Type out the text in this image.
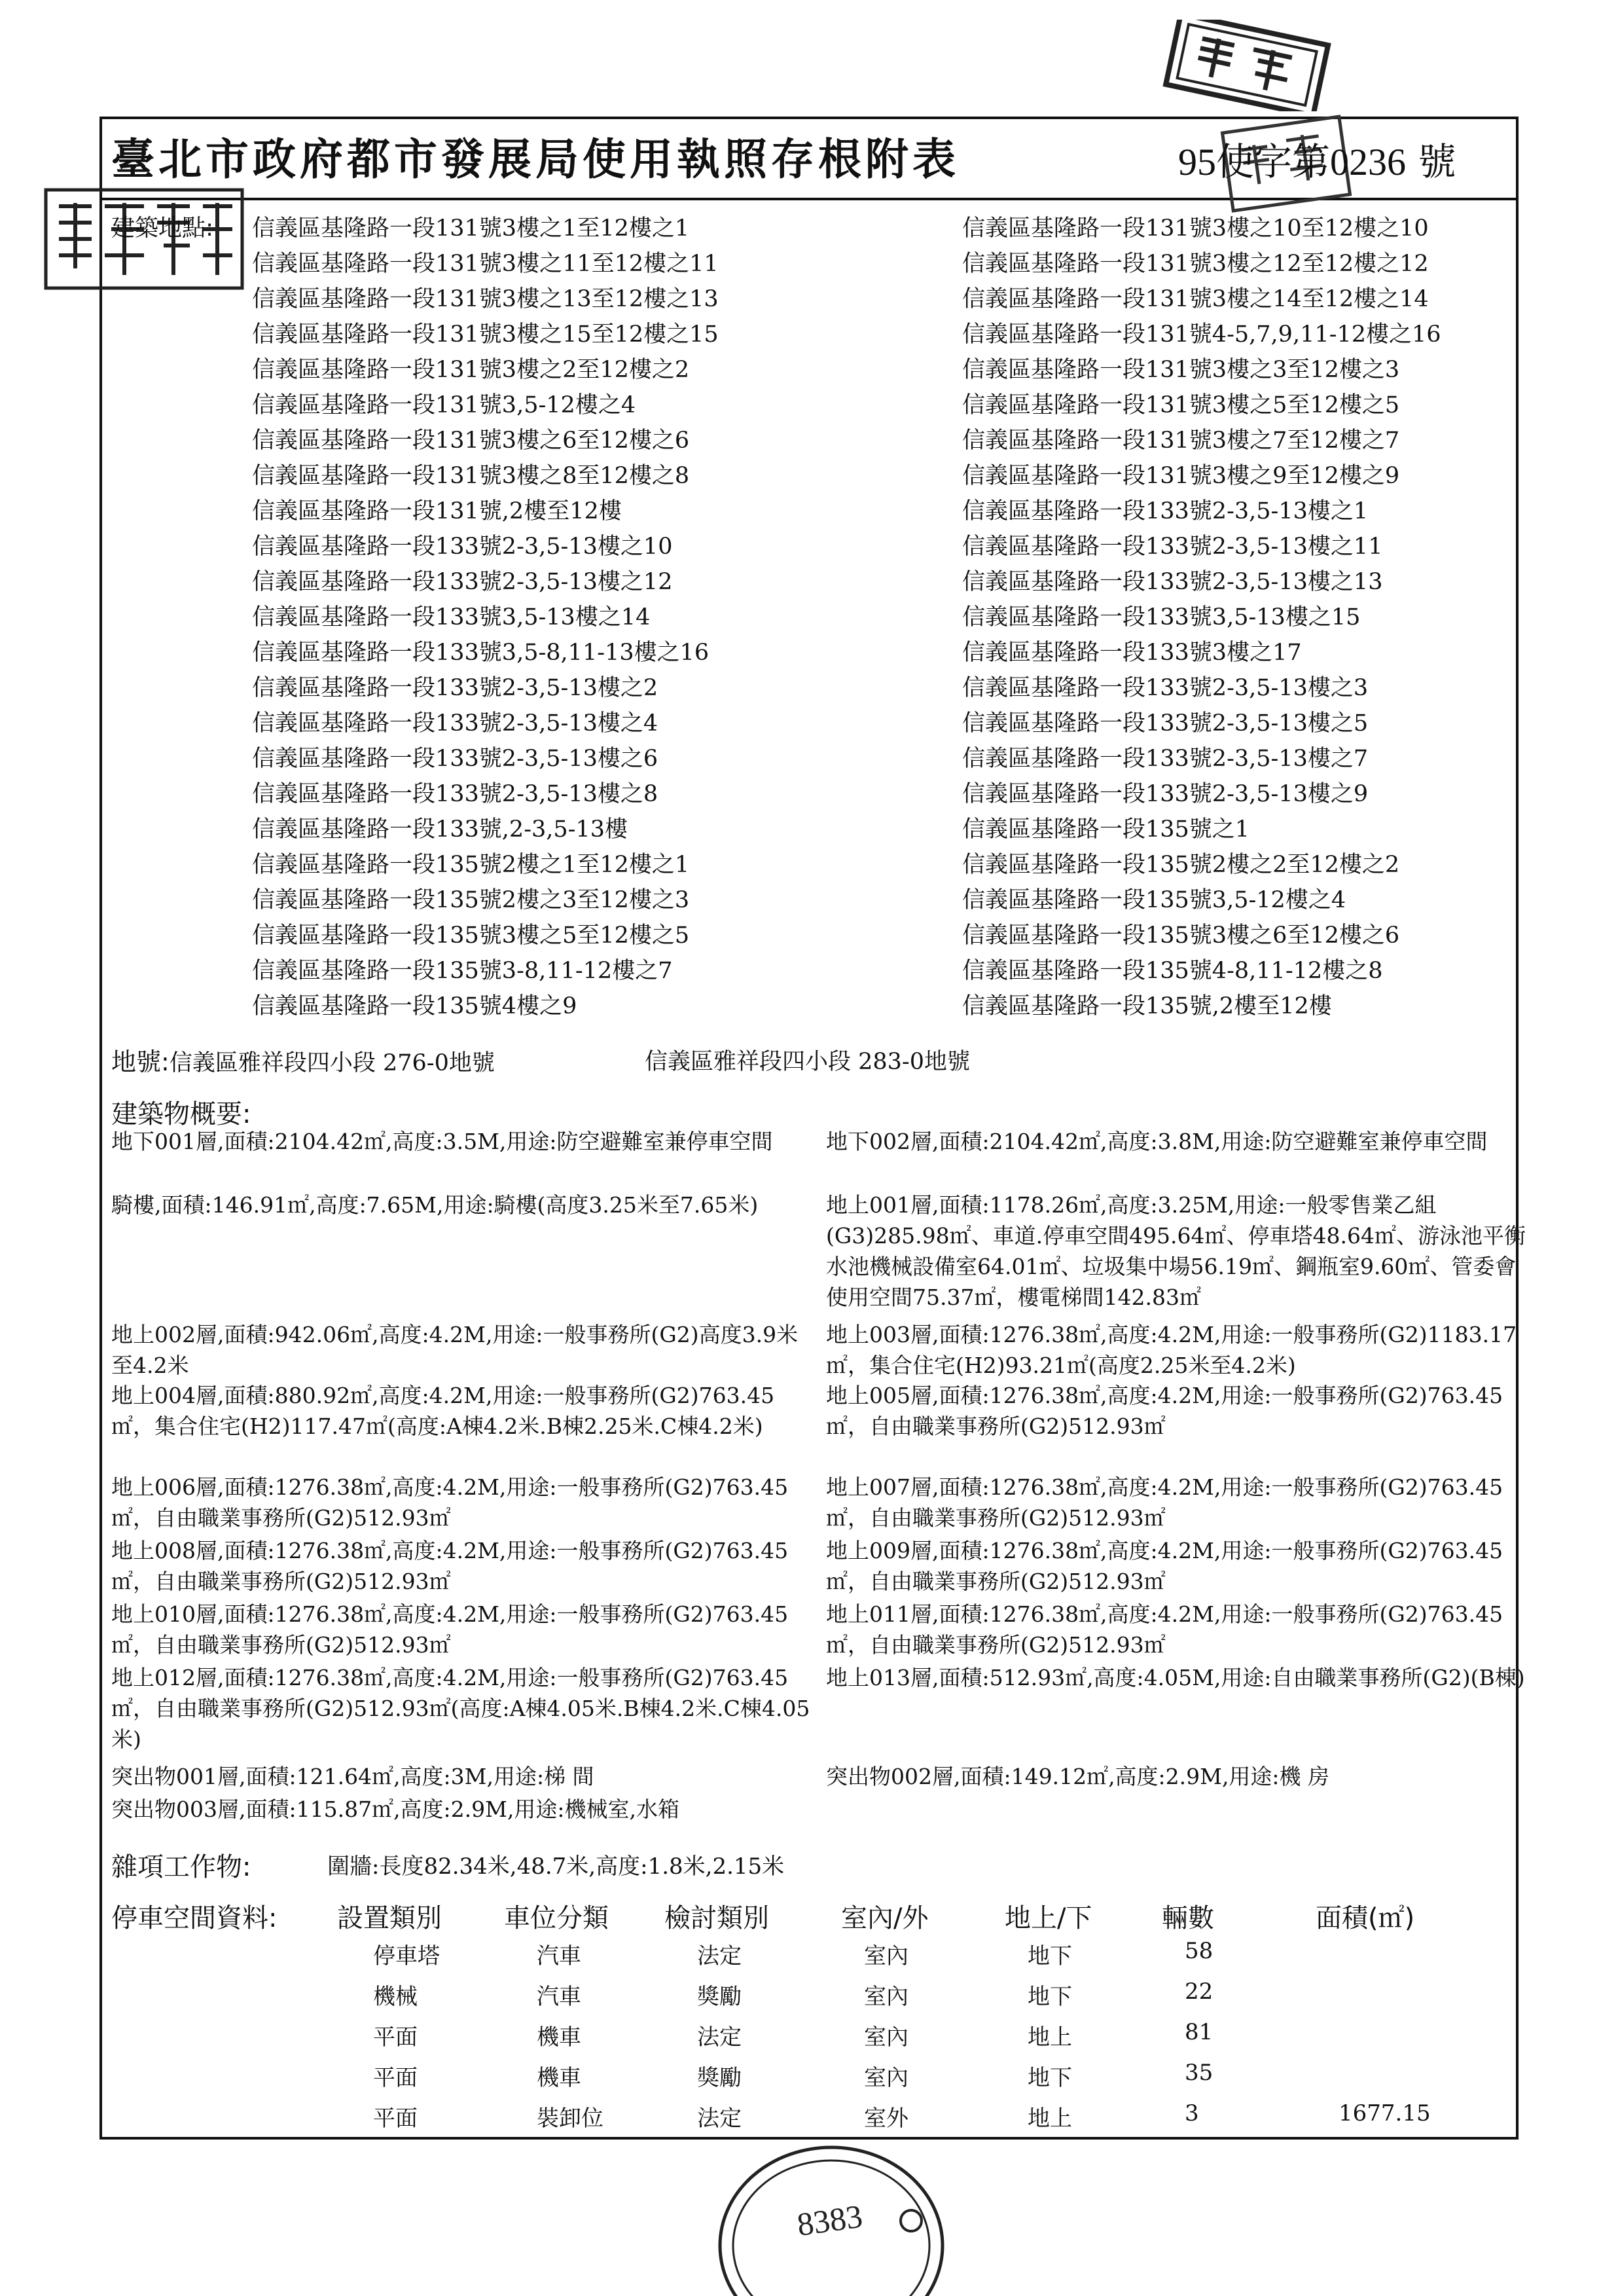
8383
臺北市政府都市發展局使用執照存根附表	95使字第0236 號
建築地點: 信義區基隆路一段131號3樓之1至12樓之1
信義區基隆路一段131號3樓之11至12樓之11
信義區基隆路一段131號3樓之13至12樓之13
信義區基隆路一段131號3樓之15至12樓之15
信義區基隆路一段131號3樓之2至12樓之2
信義區基隆路一段131號3,5-12樓之4
信義區基隆路一段131號3樓之6至12樓之6
信義區基隆路一段131號3樓之8至12樓之8
信義區基隆路一段131號,2樓至12樓
信義區基隆路一段133號2-3,5-13樓之10
信義區基隆路一段133號2-3,5-13樓之12
信義區基隆路一段133號3,5-13樓之14
信義區基隆路一段133號3,5-8,11-13樓之16
信義區基隆路一段133號2-3,5-13樓之2
信義區基隆路一段133號2-3,5-13樓之4
信義區基隆路一段133號2-3,5-13樓之6
信義區基隆路一段133號2-3,5-13樓之8
信義區基隆路一段133號,2-3,5-13樓
信義區基隆路一段135號2樓之1至12樓之1
信義區基隆路一段135號2樓之3至12樓之3
信義區基隆路一段135號3樓之5至12樓之5
信義區基隆路一段135號3-8,11-12樓之7
信義區基隆路一段135號4樓之9
信義區基隆路一段131號3樓之10至12樓之10
信義區基隆路一段131號3樓之12至12樓之12
信義區基隆路一段131號3樓之14至12樓之14
信義區基隆路一段131號4-5,7,9,11-12樓之16
信義區基隆路一段131號3樓之3至12樓之3
信義區基隆路一段131號3樓之5至12樓之5
信義區基隆路一段131號3樓之7至12樓之7
信義區基隆路一段131號3樓之9至12樓之9
信義區基隆路一段133號2-3,5-13樓之1
信義區基隆路一段133號2-3,5-13樓之11
信義區基隆路一段133號2-3,5-13樓之13
信義區基隆路一段133號3,5-13樓之15
信義區基隆路一段133號3樓之17
信義區基隆路一段133號2-3,5-13樓之3
信義區基隆路一段133號2-3,5-13樓之5
信義區基隆路一段133號2-3,5-13樓之7
信義區基隆路一段133號2-3,5-13樓之9
信義區基隆路一段135號之1
信義區基隆路一段135號2樓之2至12樓之2
信義區基隆路一段135號3,5-12樓之4
信義區基隆路一段135號3樓之6至12樓之6
信義區基隆路一段135號4-8,11-12樓之8
信義區基隆路一段135號,2樓至12樓
地號:信義區雅祥段四小段 276-0地號	信義區雅祥段四小段 283-0地號
建築物概要:
地下001層,面積:2104.42㎡,高度:3.5M,用途:防空避難室兼停車空間
騎樓,面積:146.91㎡,高度:7.65M,用途:騎樓(高度3.25米至7.65米)
地上002層,面積:942.06㎡,高度:4.2M,用途:一般事務所(G2)高度3.9米至4.2米
地上004層,面積:880.92㎡,高度:4.2M,用途:一般事務所(G2)763.45㎡，集合住宅(H2)117.47㎡(高度:A棟4.2米.B棟2.25米.C棟4.2米)
地上006層,面積:1276.38㎡,高度:4.2M,用途:一般事務所(G2)763.45㎡，自由職業事務所(G2)512.93㎡
地上008層,面積:1276.38㎡,高度:4.2M,用途:一般事務所(G2)763.45㎡，自由職業事務所(G2)512.93㎡
地上010層,面積:1276.38㎡,高度:4.2M,用途:一般事務所(G2)763.45㎡，自由職業事務所(G2)512.93㎡
地上012層,面積:1276.38㎡,高度:4.2M,用途:一般事務所(G2)763.45㎡，自由職業事務所(G2)512.93㎡(高度:A棟4.05米.B棟4.2米.C棟4.05米)
突出物001層,面積:121.64㎡,高度:3M,用途:梯 間
突出物003層,面積:115.87㎡,高度:2.9M,用途:機械室,水箱
地下002層,面積:2104.42㎡,高度:3.8M,用途:防空避難室兼停車空間
地上001層,面積:1178.26㎡,高度:3.25M,用途:一般零售業乙組(G3)285.98㎡、車道.停車空間495.64㎡、停車塔48.64㎡、游泳池平衡水池機械設備室64.01㎡、垃圾集中場56.19㎡、鋼瓶室9.60㎡、管委會使用空間75.37㎡，樓電梯間142.83㎡
地上003層,面積:1276.38㎡,高度:4.2M,用途:一般事務所(G2)1183.17㎡，集合住宅(H2)93.21㎡(高度2.25米至4.2米)
地上005層,面積:1276.38㎡,高度:4.2M,用途:一般事務所(G2)763.45㎡，自由職業事務所(G2)512.93㎡
地上007層,面積:1276.38㎡,高度:4.2M,用途:一般事務所(G2)763.45㎡，自由職業事務所(G2)512.93㎡
地上009層,面積:1276.38㎡,高度:4.2M,用途:一般事務所(G2)763.45㎡，自由職業事務所(G2)512.93㎡
地上011層,面積:1276.38㎡,高度:4.2M,用途:一般事務所(G2)763.45㎡，自由職業事務所(G2)512.93㎡
地上013層,面積:512.93㎡,高度:4.05M,用途:自由職業事務所(G2)(B棟)
突出物002層,面積:149.12㎡,高度:2.9M,用途:機 房
雜項工作物:	圍牆:長度82.34米,48.7米,高度:1.8米,2.15米
停車空間資料: 設置類別 車位分類 檢討類別	室內/外	地上/下	輛數	面積(㎡)
停車塔	汽車	法定	室內	地下	58
機械	汽車	獎勵	室內	地下	22
平面	機車	法定	室內	地上	81
平面	機車	獎勵	室內	地下	35
平面	裝卸位	法定	室外	地上	3	1677.15
